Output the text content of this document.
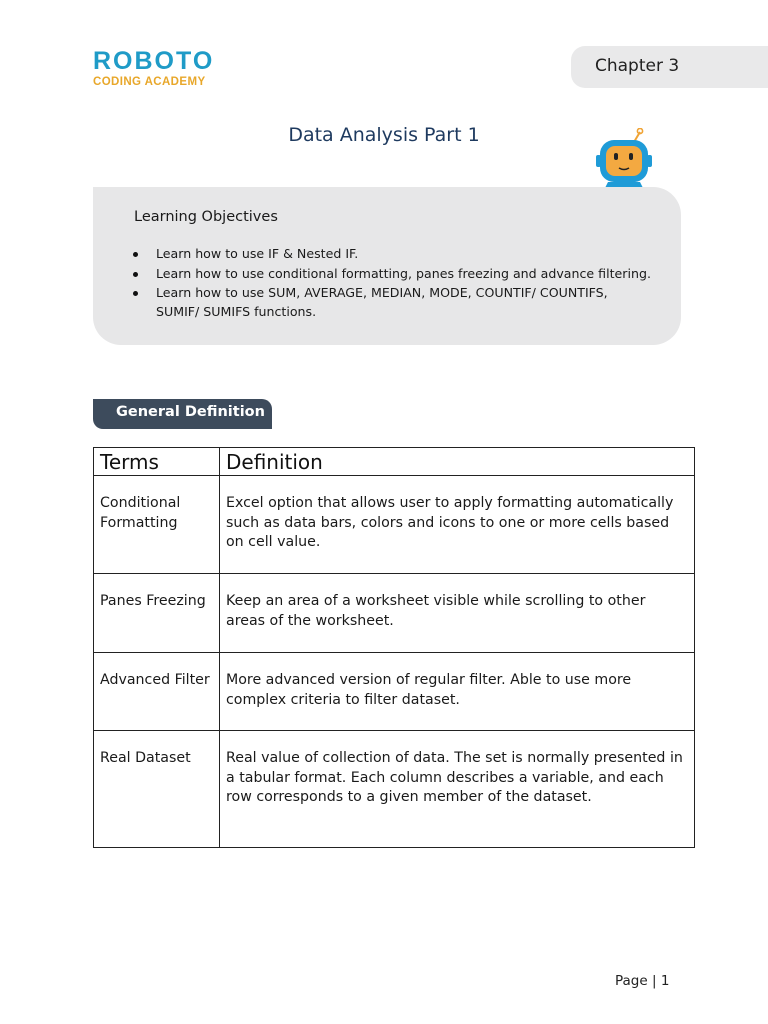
ROBOTO
CODING ACADEMY
Chapter 3
Data Analysis Part 1
Learning Objectives
Learn how to use IF & Nested IF.
Learn how to use conditional formatting, panes freezing and advance filtering.
Learn how to use SUM, AVERAGE, MEDIAN, MODE, COUNTIF/ COUNTIFS, SUMIF/ SUMIFS functions.
General Definition
Terms	Definition
Conditional Formatting	Excel option that allows user to apply formatting automatically such as data bars, colors and icons to one or more cells based on cell value.
Panes Freezing	Keep an area of a worksheet visible while scrolling to other areas of the worksheet.
Advanced Filter	More advanced version of regular filter. Able to use more complex criteria to filter dataset.
Real Dataset	Real value of collection of data. The set is normally presented in a tabular format. Each column describes a variable, and each row corresponds to a given member of the dataset.
Page | 1
